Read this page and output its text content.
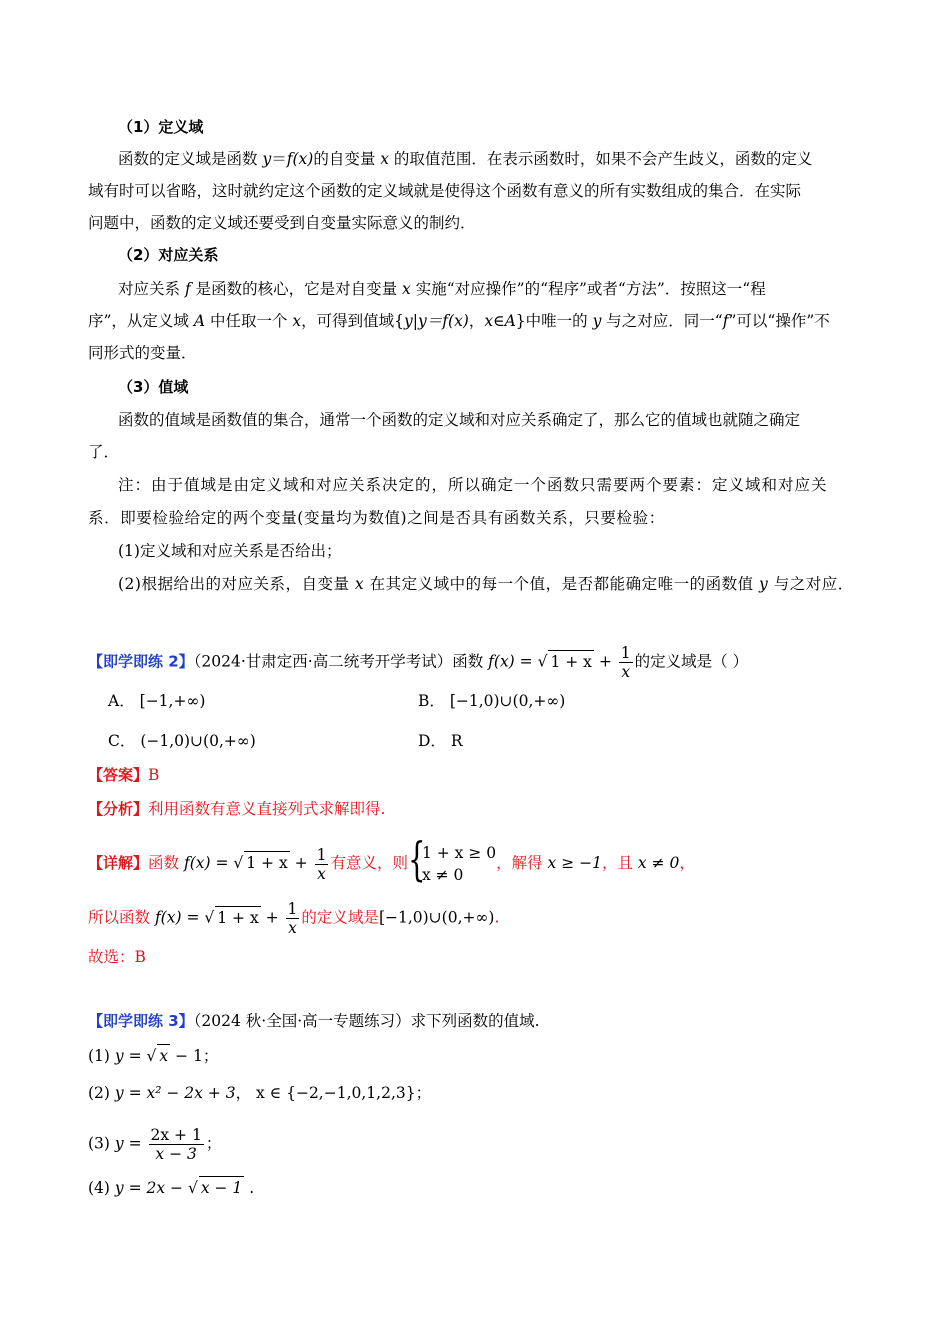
（1）定义域
函数的定义域是函数 y＝f(x)的自变量 x 的取值范围．在表示函数时，如果不会产生歧义，函数的定义
域有时可以省略，这时就约定这个函数的定义域就是使得这个函数有意义的所有实数组成的集合．在实际
问题中，函数的定义域还要受到自变量实际意义的制约．
（2）对应关系
对应关系 f 是函数的核心，它是对自变量 x 实施“对应操作”的“程序”或者“方法”．按照这一“程
序”，从定义域 A 中任取一个 x，可得到值域{y|y＝f(x)，x∈A}中唯一的 y 与之对应．同一“f”可以“操作”不
同形式的变量．
（3）值域
函数的值域是函数值的集合，通常一个函数的定义域和对应关系确定了，那么它的值域也就随之确定
了．
注：由于值域是由定义域和对应关系决定的，所以确定一个函数只需要两个要素：定义域和对应关
系．即要检验给定的两个变量(变量均为数值)之间是否具有函数关系，只要检验：
(1)定义域和对应关系是否给出；
(2)根据给出的对应关系，自变量 x 在其定义域中的每一个值，是否都能确定唯一的函数值 y 与之对应．
【即学即练 2】（2024·甘肃定西·高二统考开学考试）函数 f(x) = √ $1 + x + \frac{1}{x}$ 的定义域是（ ）
A． [−1,+∞)	B． [−1,0)∪(0,+∞)
C． (−1,0)∪(0,+∞)	D． R
【答案】B
【分析】利用函数有意义直接列式求解即得.
【详解】函数 f(x) = √ $1 + x + \frac{1}{x}$ 有意义，则 {
1 + x ≥ 0
x ≠ 0
，解得 x ≥ −1，且 x ≠ 0，
所以函数 f(x) = √ $1 + x + \frac{1}{x}$ 的定义域是[−1,0)∪(0,+∞).
故选：B
【即学即练 3】（2024 秋·全国·高一专题练习）求下列函数的值域.
(1) y = √ x − 1；
(2) y = x² − 2x + 3， x ∈ {−2,−1,0,1,2,3}；
(3) $y = \frac{2x + 1}{x - 3}$ ；
(4) y = 2x − √ x − 1 .
